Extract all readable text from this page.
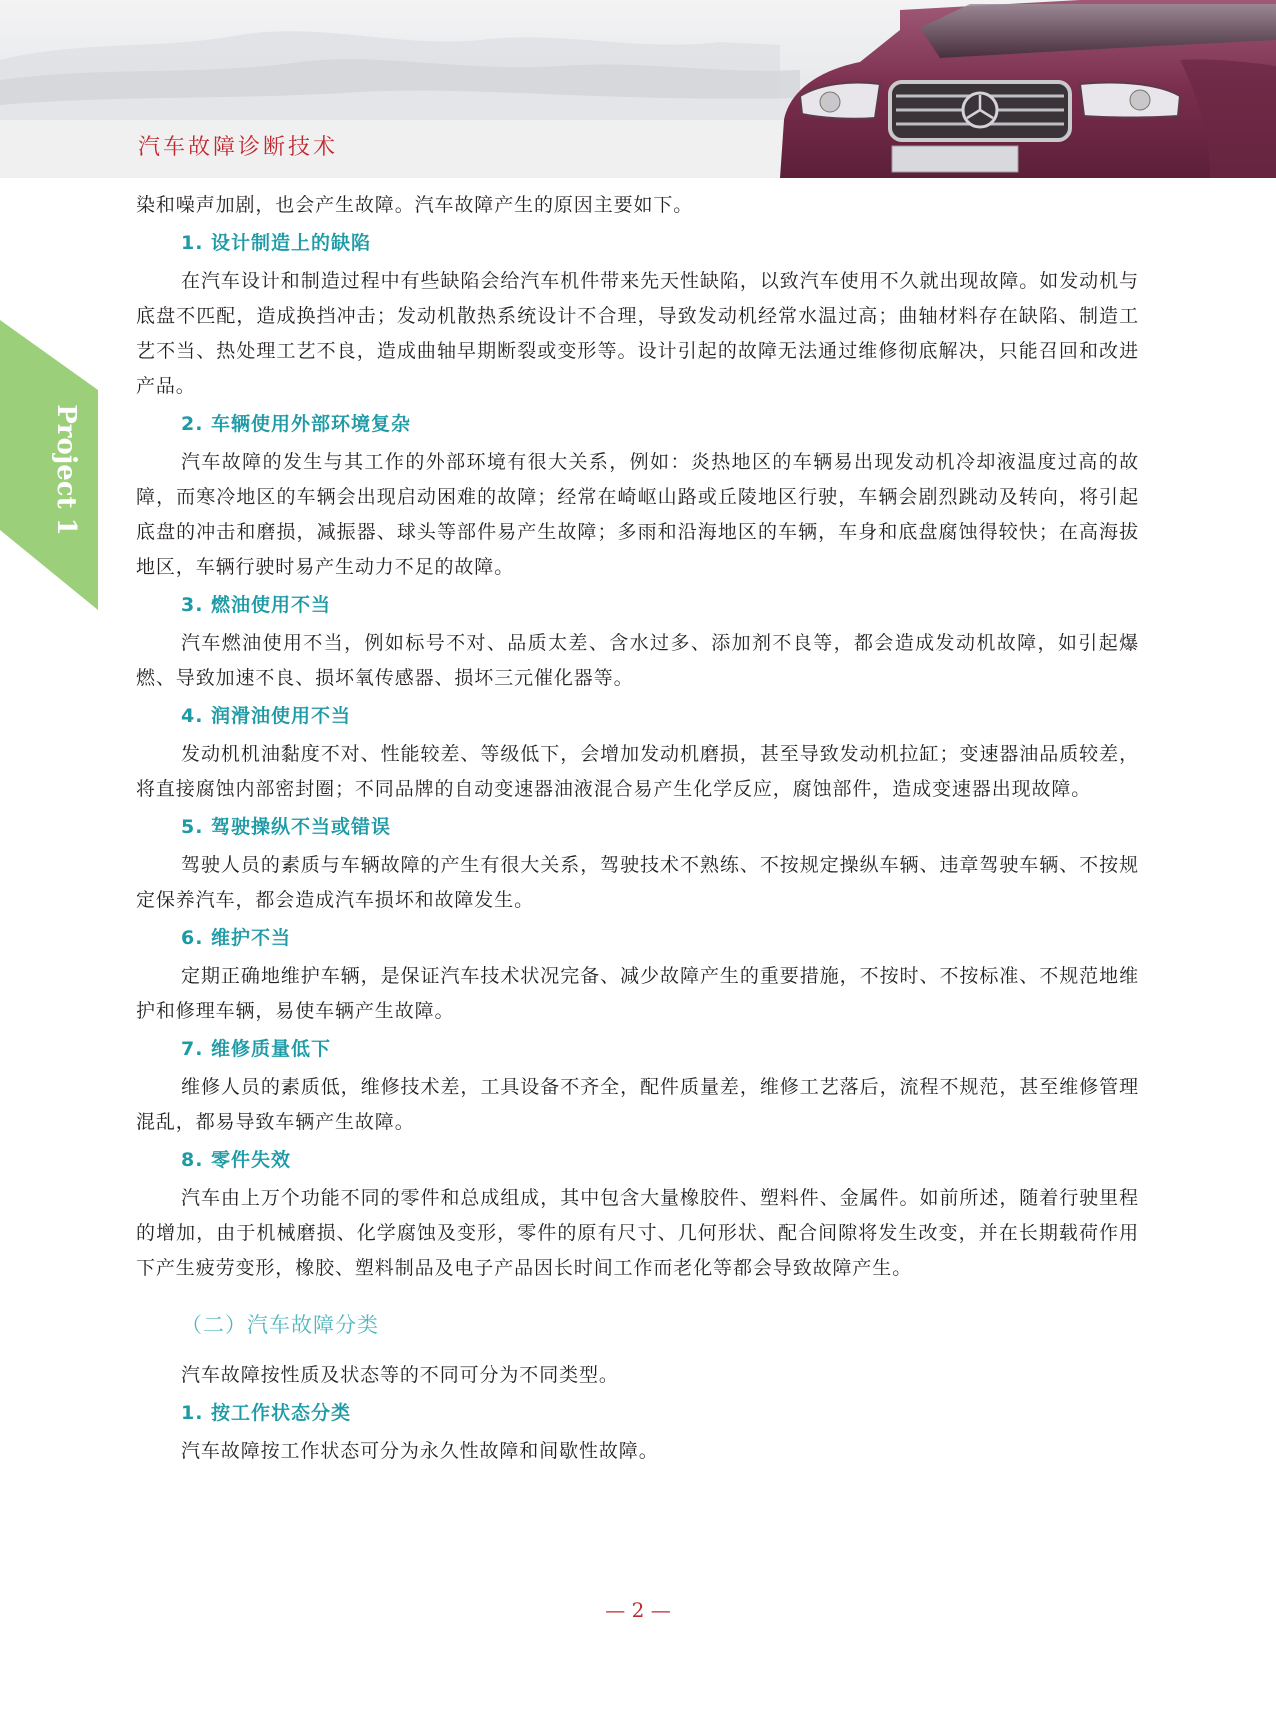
汽车故障诊断技术
Project 1

染和噪声加剧，也会产生故障。汽车故障产生的原因主要如下。

1. 设计制造上的缺陷

在汽车设计和制造过程中有些缺陷会给汽车机件带来先天性缺陷，以致汽车使用不久就出现故障。如发动机与底盘不匹配，造成换挡冲击；发动机散热系统设计不合理，导致发动机经常水温过高；曲轴材料存在缺陷、制造工艺不当、热处理工艺不良，造成曲轴早期断裂或变形等。设计引起的故障无法通过维修彻底解决，只能召回和改进产品。

2. 车辆使用外部环境复杂

汽车故障的发生与其工作的外部环境有很大关系，例如：炎热地区的车辆易出现发动机冷却液温度过高的故障，而寒冷地区的车辆会出现启动困难的故障；经常在崎岖山路或丘陵地区行驶，车辆会剧烈跳动及转向，将引起底盘的冲击和磨损，减振器、球头等部件易产生故障；多雨和沿海地区的车辆，车身和底盘腐蚀得较快；在高海拔地区，车辆行驶时易产生动力不足的故障。

3. 燃油使用不当

汽车燃油使用不当，例如标号不对、品质太差、含水过多、添加剂不良等，都会造成发动机故障，如引起爆燃、导致加速不良、损坏氧传感器、损坏三元催化器等。

4. 润滑油使用不当

发动机机油黏度不对、性能较差、等级低下，会增加发动机磨损，甚至导致发动机拉缸；变速器油品质较差，将直接腐蚀内部密封圈；不同品牌的自动变速器油液混合易产生化学反应，腐蚀部件，造成变速器出现故障。

5. 驾驶操纵不当或错误

驾驶人员的素质与车辆故障的产生有很大关系，驾驶技术不熟练、不按规定操纵车辆、违章驾驶车辆、不按规定保养汽车，都会造成汽车损坏和故障发生。

6. 维护不当

定期正确地维护车辆，是保证汽车技术状况完备、减少故障产生的重要措施，不按时、不按标准、不规范地维护和修理车辆，易使车辆产生故障。

7. 维修质量低下

维修人员的素质低，维修技术差，工具设备不齐全，配件质量差，维修工艺落后，流程不规范，甚至维修管理混乱，都易导致车辆产生故障。

8. 零件失效

汽车由上万个功能不同的零件和总成组成，其中包含大量橡胶件、塑料件、金属件。如前所述，随着行驶里程的增加，由于机械磨损、化学腐蚀及变形，零件的原有尺寸、几何形状、配合间隙将发生改变，并在长期载荷作用下产生疲劳变形，橡胶、塑料制品及电子产品因长时间工作而老化等都会导致故障产生。

（二）汽车故障分类

汽车故障按性质及状态等的不同可分为不同类型。

1. 按工作状态分类

汽车故障按工作状态可分为永久性故障和间歇性故障。

— 2 —
